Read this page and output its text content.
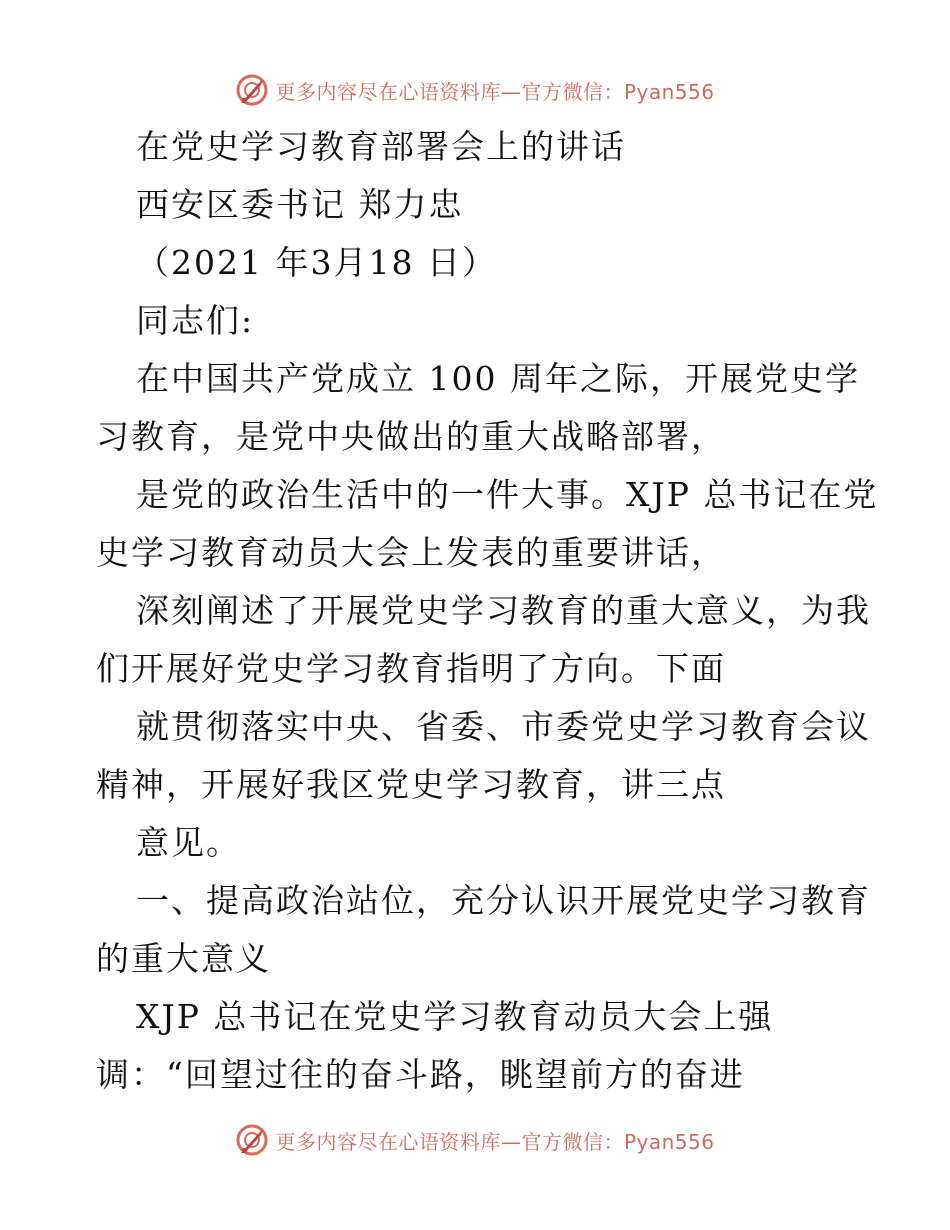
更多内容尽在心语资料库—官方微信：Pyan556
在党史学习教育部署会上的讲话
西安区委书记 郑力忠
（2021 年3月18 日）
同志们:
在中国共产党成立 100 周年之际，开展党史学
习教育，是党中央做出的重大战略部署，
是党的政治生活中的一件大事。XJP 总书记在党
史学习教育动员大会上发表的重要讲话，
深刻阐述了开展党史学习教育的重大意义，为我
们开展好党史学习教育指明了方向。下面
就贯彻落实中央、省委、市委党史学习教育会议
精神，开展好我区党史学习教育，讲三点
意见。
一、提高政治站位，充分认识开展党史学习教育
的重大意义
XJP 总书记在党史学习教育动员大会上强
调：“回望过往的奋斗路，眺望前方的奋进
更多内容尽在心语资料库—官方微信：Pyan556
